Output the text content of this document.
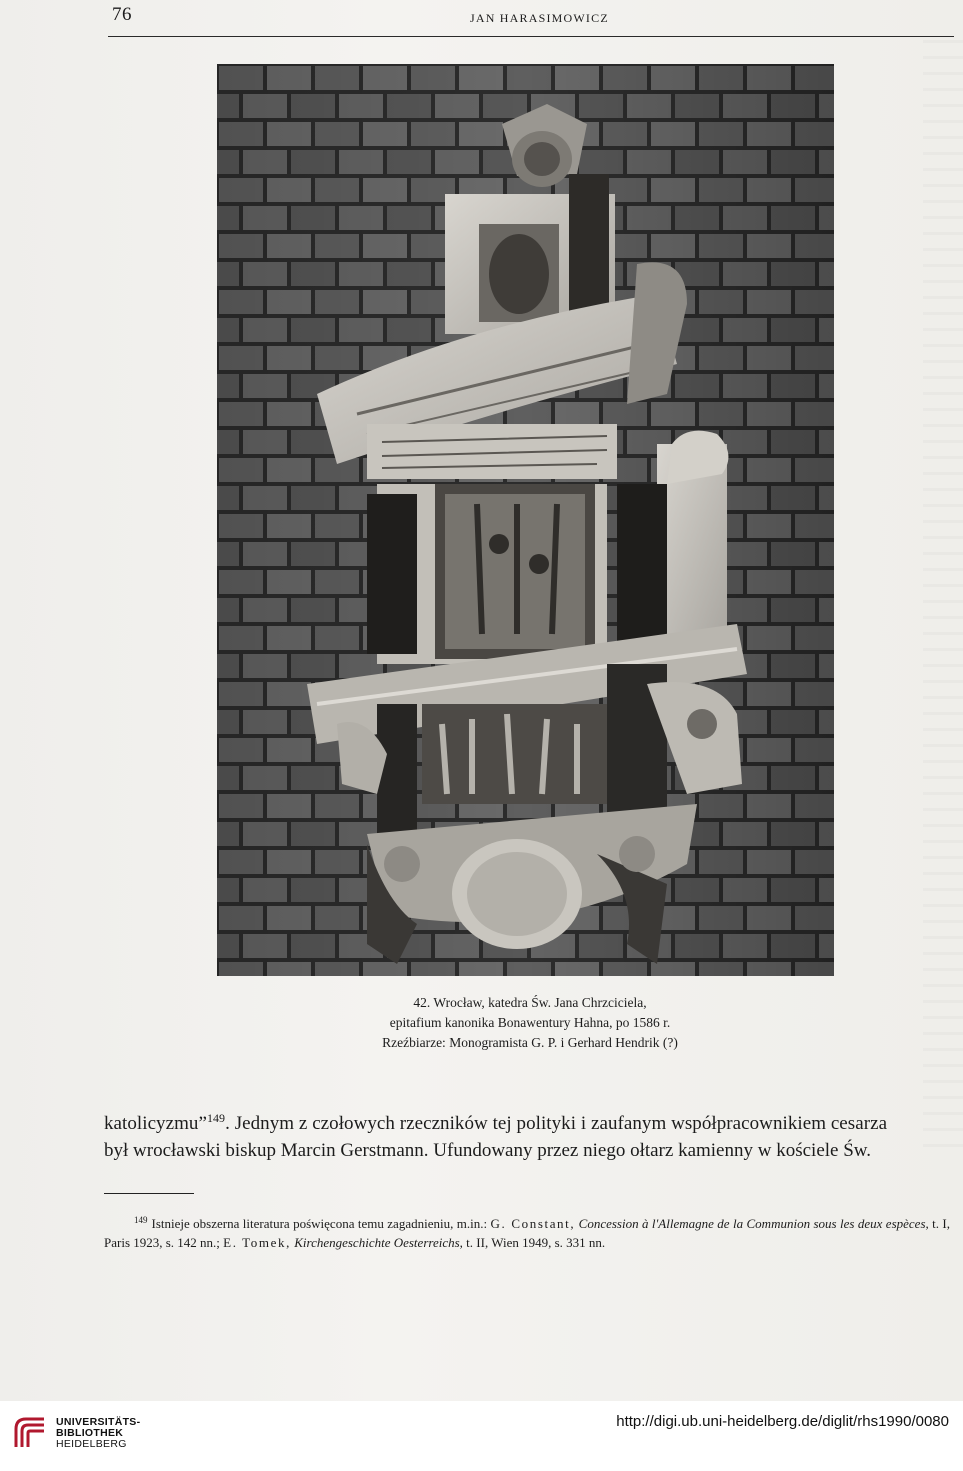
76	JAN HARASIMOWICZ
42. Wrocław, katedra Św. Jana Chrzciciela,
epitafium kanonika Bonawentury Hahna, po 1586 r.
Rzeźbiarze: Monogramista G. P. i Gerhard Hendrik (?)
katolicyzmu”$^{149}$. Jednym z czołowych rzeczników tej polityki i zaufanym współpracownikiem cesarza
był wrocławski biskup Marcin Gerstmann. Ufundowany przez niego ołtarz kamienny w kościele Św.
$^{149}$ Istnieje obszerna literatura poświęcona temu zagadnieniu, m.in.: G. Constant, Concession à l'Allemagne de la Communion sous les deux espèces, t. I, Paris 1923, s. 142 nn.; E. Tomek, Kirchengeschichte Oesterreichs, t. II, Wien 1949, s. 331 nn.
UNIVERSITÄTS-
BIBLIOTHEK
HEIDELBERG
http://digi.ub.uni-heidelberg.de/diglit/rhs1990/0080
